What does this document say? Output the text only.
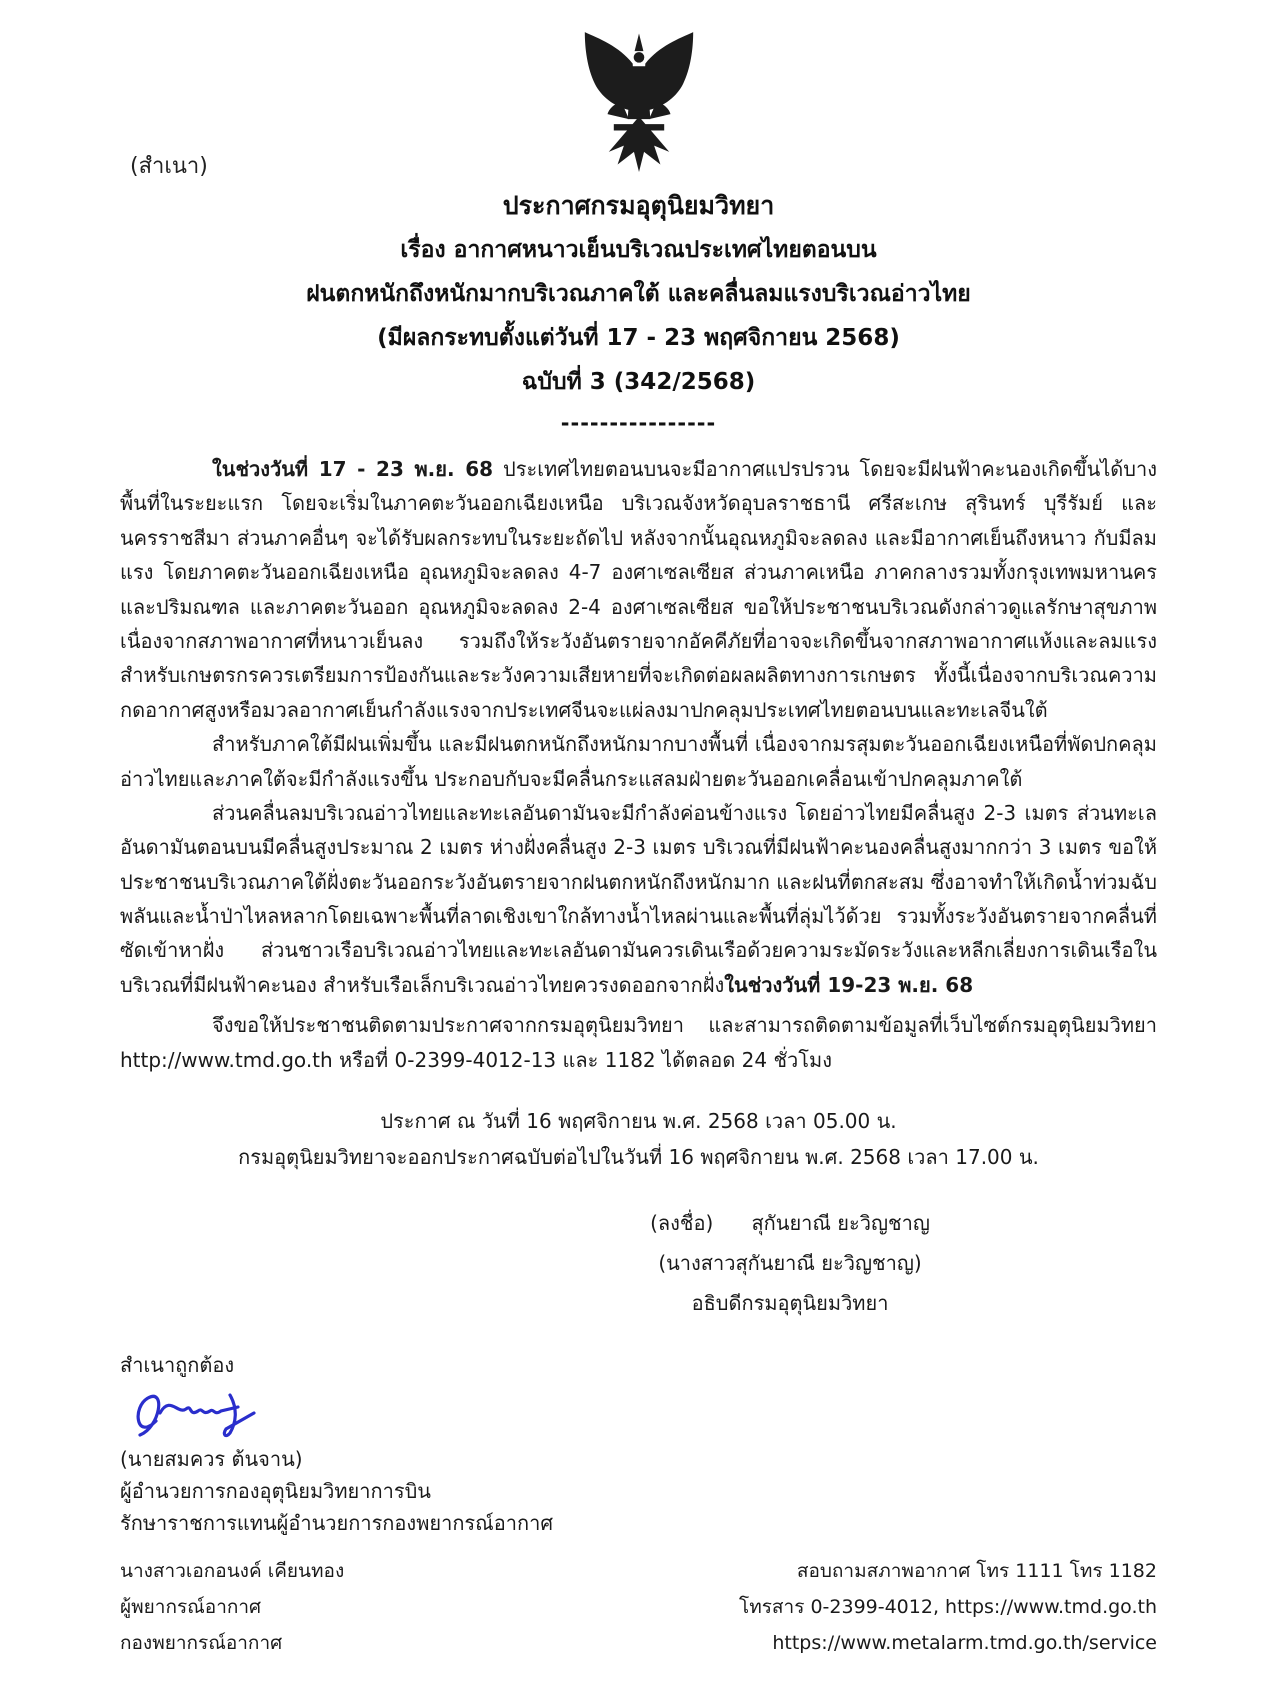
(สำเนา)
ประกาศกรมอุตุนิยมวิทยา
เรื่อง อากาศหนาวเย็นบริเวณประเทศไทยตอนบน
ฝนตกหนักถึงหนักมากบริเวณภาคใต้ และคลื่นลมแรงบริเวณอ่าวไทย
(มีผลกระทบตั้งแต่วันที่ 17 - 23 พฤศจิกายน 2568)
ฉบับที่ 3 (342/2568)
----------------

ในช่วงวันที่ 17 - 23 พ.ย. 68 ประเทศไทยตอนบนจะมีอากาศแปรปรวน โดยจะมีฝนฟ้าคะนองเกิดขึ้นได้บางพื้นที่ในระยะแรก โดยจะเริ่มในภาคตะวันออกเฉียงเหนือ บริเวณจังหวัดอุบลราชธานี ศรีสะเกษ สุรินทร์ บุรีรัมย์ และนครราชสีมา ส่วนภาคอื่นๆ จะได้รับผลกระทบในระยะถัดไป หลังจากนั้นอุณหภูมิจะลดลง และมีอากาศเย็นถึงหนาว กับมีลมแรง โดยภาคตะวันออกเฉียงเหนือ อุณหภูมิจะลดลง 4-7 องศาเซลเซียส ส่วนภาคเหนือ ภาคกลางรวมทั้งกรุงเทพมหานครและปริมณฑล และภาคตะวันออก อุณหภูมิจะลดลง 2-4 องศาเซลเซียส ขอให้ประชาชนบริเวณดังกล่าวดูแลรักษาสุขภาพ เนื่องจากสภาพอากาศที่หนาวเย็นลง รวมถึงให้ระวังอันตรายจากอัคคีภัยที่อาจจะเกิดขึ้นจากสภาพอากาศแห้งและลมแรง สำหรับเกษตรกรควรเตรียมการป้องกันและระวังความเสียหายที่จะเกิดต่อผลผลิตทางการเกษตร ทั้งนี้เนื่องจากบริเวณความกดอากาศสูงหรือมวลอากาศเย็นกำลังแรงจากประเทศจีนจะแผ่ลงมาปกคลุมประเทศไทยตอนบนและทะเลจีนใต้

สำหรับภาคใต้มีฝนเพิ่มขึ้น และมีฝนตกหนักถึงหนักมากบางพื้นที่ เนื่องจากมรสุมตะวันออกเฉียงเหนือที่พัดปกคลุมอ่าวไทยและภาคใต้จะมีกำลังแรงขึ้น ประกอบกับจะมีคลื่นกระแสลมฝ่ายตะวันออกเคลื่อนเข้าปกคลุมภาคใต้

ส่วนคลื่นลมบริเวณอ่าวไทยและทะเลอันดามันจะมีกำลังค่อนข้างแรง โดยอ่าวไทยมีคลื่นสูง 2-3 เมตร ส่วนทะเลอันดามันตอนบนมีคลื่นสูงประมาณ 2 เมตร ห่างฝั่งคลื่นสูง 2-3 เมตร บริเวณที่มีฝนฟ้าคะนองคลื่นสูงมากกว่า 3 เมตร ขอให้ประชาชนบริเวณภาคใต้ฝั่งตะวันออกระวังอันตรายจากฝนตกหนักถึงหนักมาก และฝนที่ตกสะสม ซึ่งอาจทำให้เกิดน้ำท่วมฉับพลันและน้ำป่าไหลหลากโดยเฉพาะพื้นที่ลาดเชิงเขาใกล้ทางน้ำไหลผ่านและพื้นที่ลุ่มไว้ด้วย รวมทั้งระวังอันตรายจากคลื่นที่ซัดเข้าหาฝั่ง ส่วนชาวเรือบริเวณอ่าวไทยและทะเลอันดามันควรเดินเรือด้วยความระมัดระวังและหลีกเลี่ยงการเดินเรือในบริเวณที่มีฝนฟ้าคะนอง สำหรับเรือเล็กบริเวณอ่าวไทยควรงดออกจากฝั่งในช่วงวันที่ 19-23 พ.ย. 68

จึงขอให้ประชาชนติดตามประกาศจากกรมอุตุนิยมวิทยา และสามารถติดตามข้อมูลที่เว็บไซต์กรมอุตุนิยมวิทยา http://www.tmd.go.th หรือที่ 0-2399-4012-13 และ 1182 ได้ตลอด 24 ชั่วโมง

ประกาศ ณ วันที่ 16 พฤศจิกายน พ.ศ. 2568 เวลา 05.00 น.
กรมอุตุนิยมวิทยาจะออกประกาศฉบับต่อไปในวันที่ 16 พฤศจิกายน พ.ศ. 2568 เวลา 17.00 น.
(ลงชื่อ)      สุกันยาณี ยะวิญชาญ
(นางสาวสุกันยาณี ยะวิญชาญ)
อธิบดีกรมอุตุนิยมวิทยา
สำเนาถูกต้อง
(นายสมควร ต้นจาน)
ผู้อำนวยการกองอุตุนิยมวิทยาการบิน
รักษาราชการแทนผู้อำนวยการกองพยากรณ์อากาศ
นางสาวเอกอนงค์ เคียนทอง	สอบถามสภาพอากาศ โทร 1111 โทร 1182
ผู้พยากรณ์อากาศ	โทรสาร 0-2399-4012, https://www.tmd.go.th
กองพยากรณ์อากาศ	https://www.metalarm.tmd.go.th/service
